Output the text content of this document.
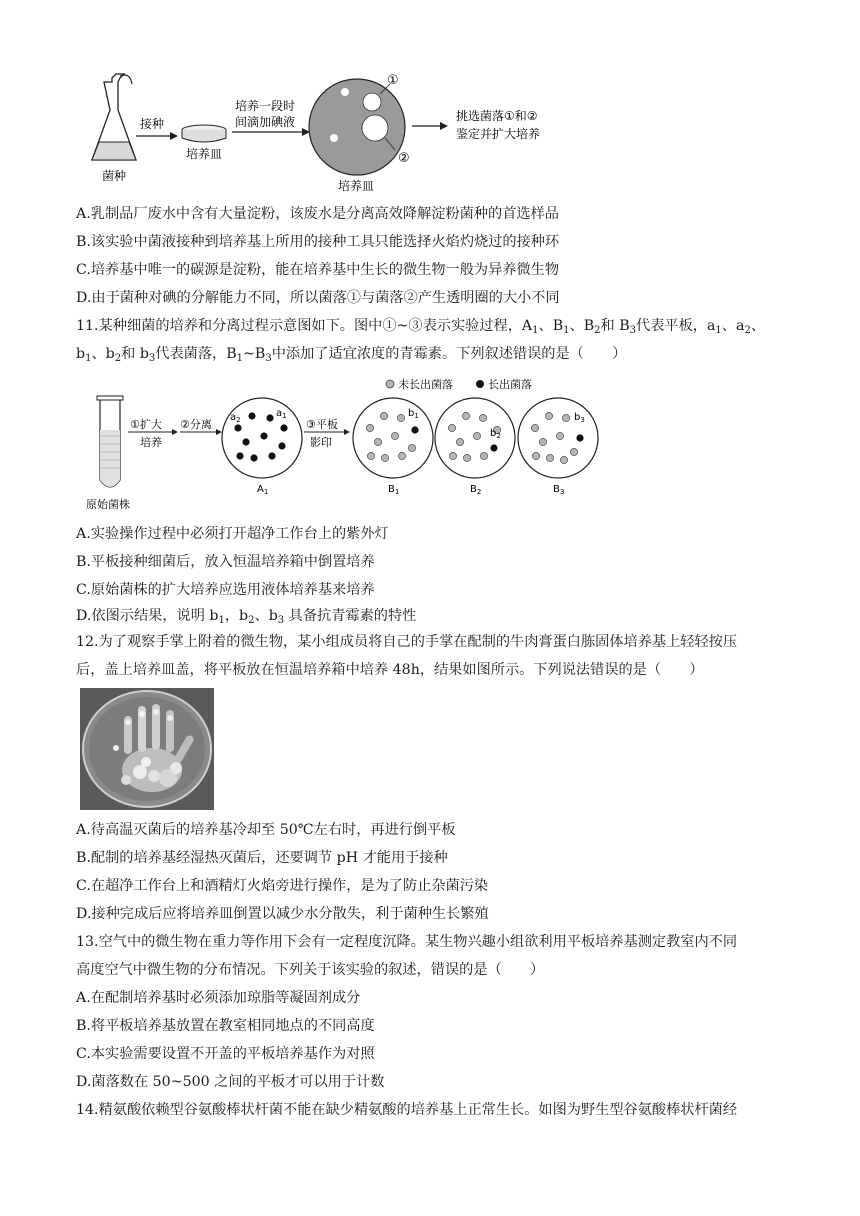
菌种
接种
培养皿
培养一段时
间滴加碘液
①
②
培养皿
挑选菌落①和②
鉴定并扩大培养
A.乳制品厂废水中含有大量淀粉，该废水是分离高效降解淀粉菌种的首选样品
B.该实验中菌液接种到培养基上所用的接种工具只能选择火焰灼烧过的接种环
C.培养基中唯一的碳源是淀粉，能在培养基中生长的微生物一般为异养微生物
D.由于菌种对碘的分解能力不同，所以菌落①与菌落②产生透明圈的大小不同
11.某种细菌的培养和分离过程示意图如下。图中①~③表示实验过程，$A_1$、$B_1$、$B_2$和 $B_3$代表平板，$a_1$、$a_2$、
$b_1$、$b_2$和 $b_3$代表菌落，$B_1\sim B_3$中添加了适宜浓度的青霉素。下列叙述错误的是（　　）
未长出菌落	长出菌落
原始菌株
①扩大
培养
②分离
$a_2$
$a_1$
$A_1$
③平板
影印
$b_1$
$B_1$
$b_2$
$B_2$
$b_3$
$B_3$
A.实验操作过程中必须打开超净工作台上的紫外灯
B.平板接种细菌后，放入恒温培养箱中倒置培养
C.原始菌株的扩大培养应选用液体培养基来培养
D.依图示结果，说明 $b_1$，$b_2$、$b_3$ 具备抗青霉素的特性
12.为了观察手掌上附着的微生物，某小组成员将自己的手掌在配制的牛肉膏蛋白胨固体培养基上轻轻按压
后，盖上培养皿盖，将平板放在恒温培养箱中培养 48h，结果如图所示。下列说法错误的是（　　）
A.待高温灭菌后的培养基冷却至 50℃左右时，再进行倒平板
B.配制的培养基经湿热灭菌后，还要调节 pH 才能用于接种
C.在超净工作台上和酒精灯火焰旁进行操作，是为了防止杂菌污染
D.接种完成后应将培养皿倒置以减少水分散失，利于菌种生长繁殖
13.空气中的微生物在重力等作用下会有一定程度沉降。某生物兴趣小组欲利用平板培养基测定教室内不同
高度空气中微生物的分布情况。下列关于该实验的叙述，错误的是（　　）
A.在配制培养基时必须添加琼脂等凝固剂成分
B.将平板培养基放置在教室相同地点的不同高度
C.本实验需要设置不开盖的平板培养基作为对照
D.菌落数在 50~500 之间的平板才可以用于计数
14.精氨酸依赖型谷氨酸棒状杆菌不能在缺少精氨酸的培养基上正常生长。如图为野生型谷氨酸棒状杆菌经
